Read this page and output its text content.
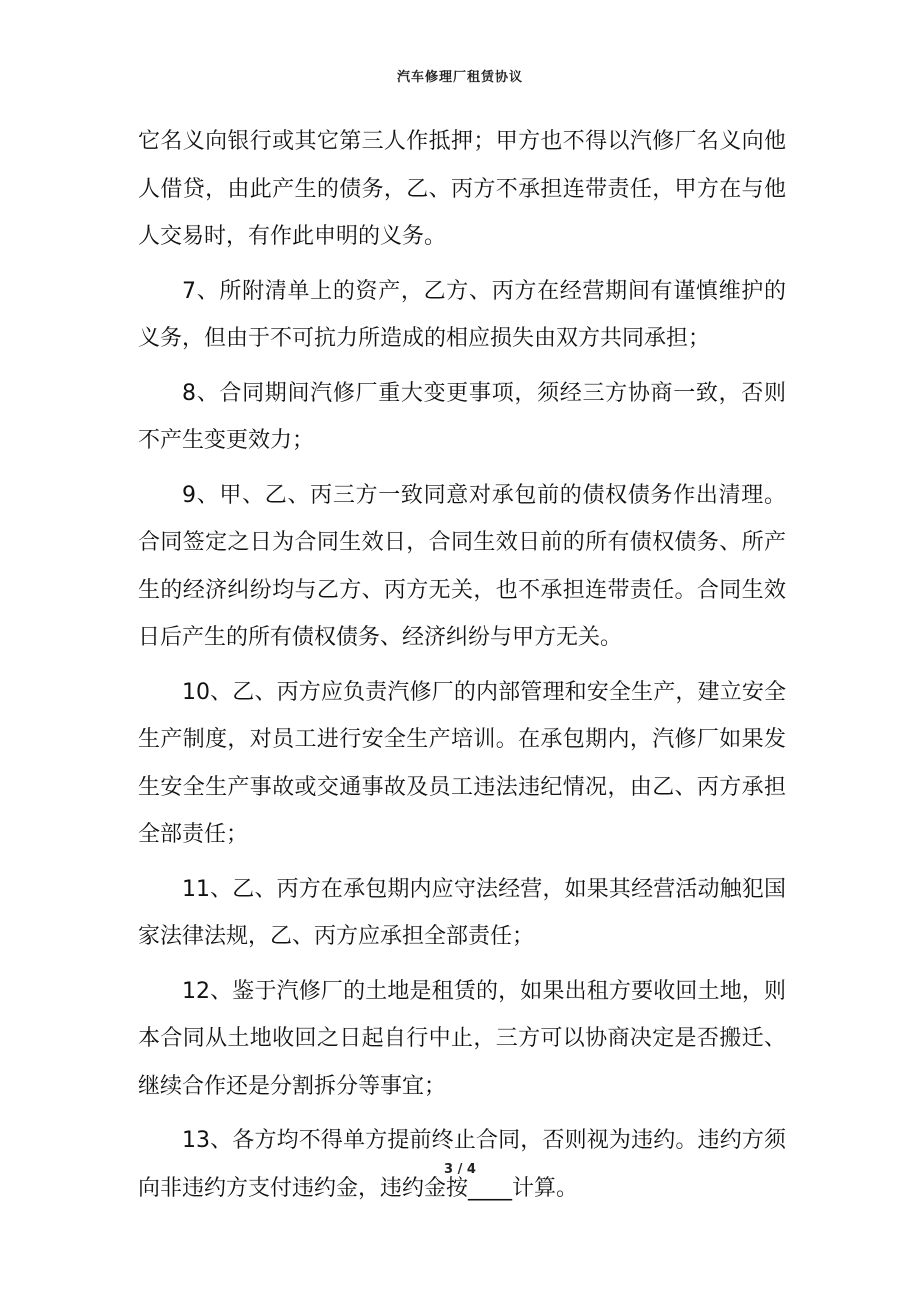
汽车修理厂租赁协议

它名义向银行或其它第三人作抵押；甲方也不得以汽修厂名义向他人借贷，由此产生的债务，乙、丙方不承担连带责任，甲方在与他人交易时，有作此申明的义务。

7、所附清单上的资产，乙方、丙方在经营期间有谨慎维护的义务，但由于不可抗力所造成的相应损失由双方共同承担；

8、合同期间汽修厂重大变更事项，须经三方协商一致，否则不产生变更效力；

9、甲、乙、丙三方一致同意对承包前的债权债务作出清理。合同签定之日为合同生效日，合同生效日前的所有债权债务、所产生的经济纠纷均与乙方、丙方无关，也不承担连带责任。合同生效日后产生的所有债权债务、经济纠纷与甲方无关。

10、乙、丙方应负责汽修厂的内部管理和安全生产，建立安全生产制度，对员工进行安全生产培训。在承包期内，汽修厂如果发生安全生产事故或交通事故及员工违法违纪情况，由乙、丙方承担全部责任；

11、乙、丙方在承包期内应守法经营，如果其经营活动触犯国家法律法规，乙、丙方应承担全部责任；

12、鉴于汽修厂的土地是租赁的，如果出租方要收回土地，则本合同从土地收回之日起自行中止，三方可以协商决定是否搬迁、继续合作还是分割拆分等事宜；

13、各方均不得单方提前终止合同，否则视为违约。违约方须向非违约方支付违约金，违约金按____计算。

3 / 4
